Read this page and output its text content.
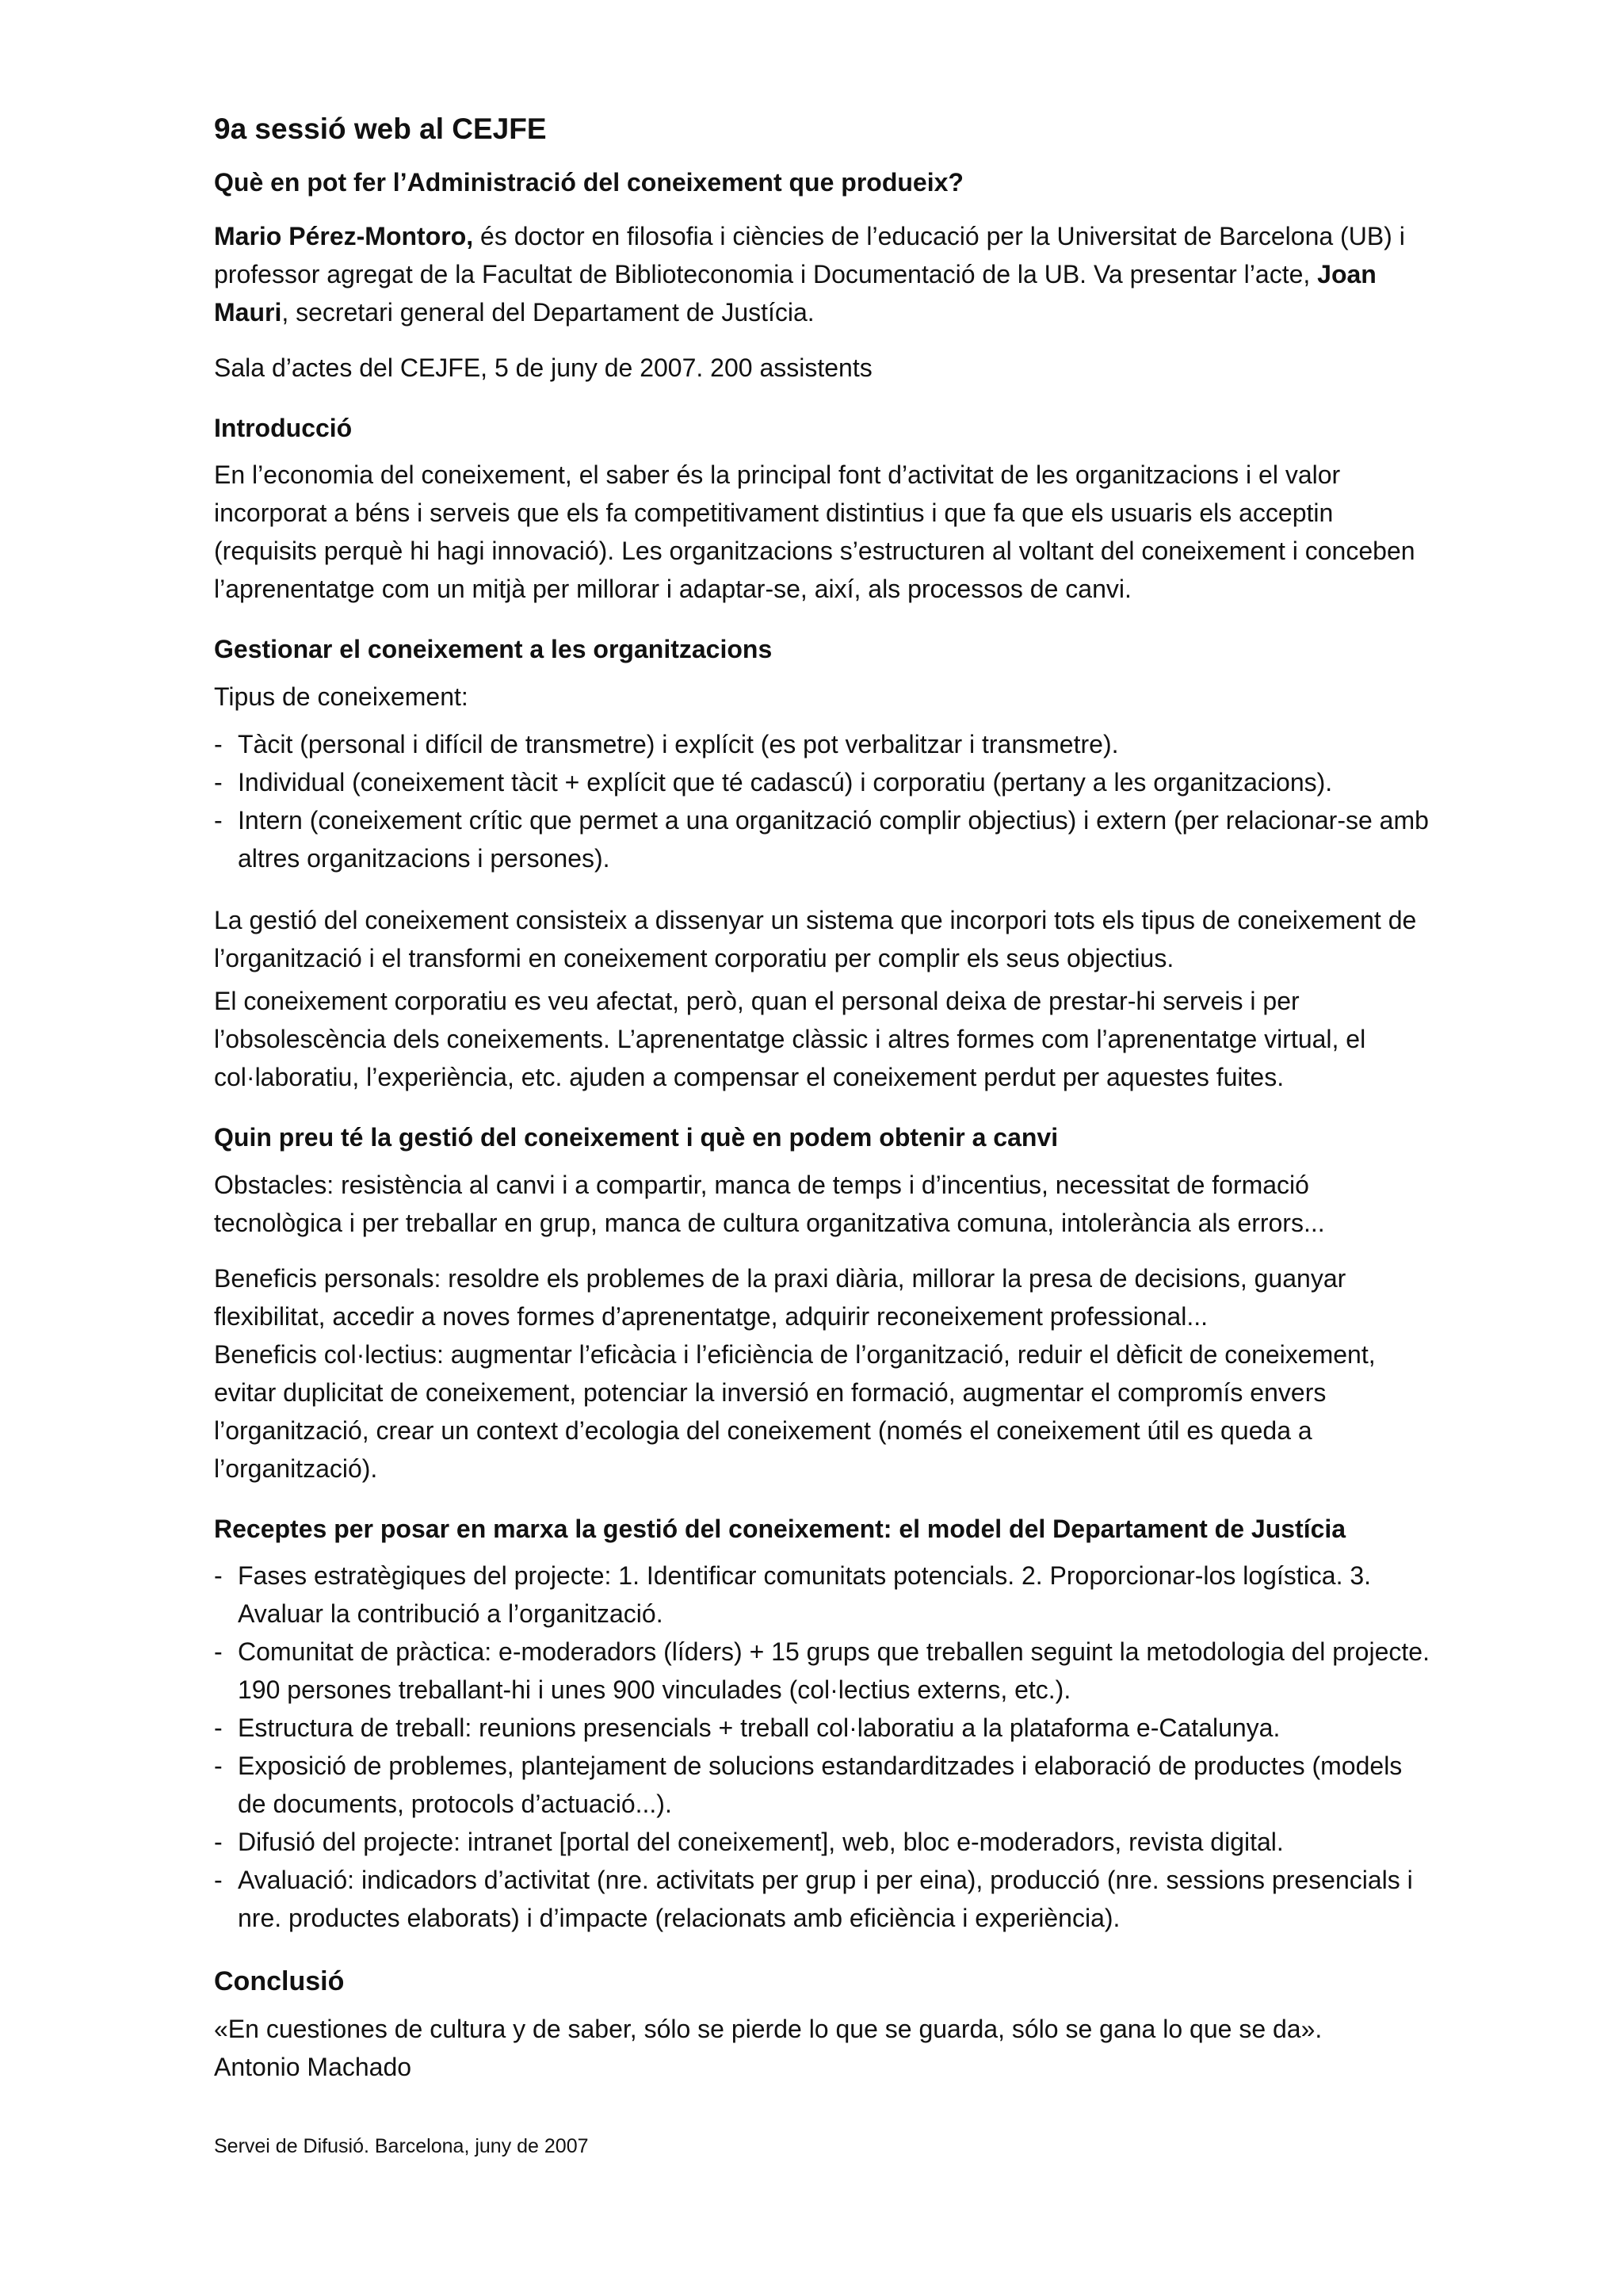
9a sessió web al CEJFE
Què en pot fer l’Administració del coneixement que produeix?

Mario Pérez-Montoro, és doctor en filosofia i ciències de l’educació per la Universitat de Barcelona (UB) i professor agregat de la Facultat de Biblioteconomia i Documentació de la UB. Va presentar l’acte, Joan Mauri, secretari general del Departament de Justícia.

Sala d’actes del CEJFE, 5 de juny de 2007. 200 assistents

Introducció

En l’economia del coneixement, el saber és la principal font d’activitat de les organitzacions i el valor incorporat a béns i serveis que els fa competitivament distintius i que fa que els usuaris els acceptin (requisits perquè hi hagi innovació). Les organitzacions s’estructuren al voltant del coneixement i conceben l’aprenentatge com un mitjà per millorar i adaptar-se, així, als processos de canvi.

Gestionar el coneixement a les organitzacions

Tipus de coneixement:

- Tàcit (personal i difícil de transmetre) i explícit (es pot verbalitzar i transmetre).
- Individual (coneixement tàcit + explícit que té cadascú) i corporatiu (pertany a les organitzacions).
- Intern (coneixement crític que permet a una organització complir objectius) i extern (per relacionar-se amb altres organitzacions i persones).

La gestió del coneixement consisteix a dissenyar un sistema que incorpori tots els tipus de coneixement de l’organització i el transformi en coneixement corporatiu per complir els seus objectius.

El coneixement corporatiu es veu afectat, però, quan el personal deixa de prestar-hi serveis i per l’obsolescència dels coneixements. L’aprenentatge clàssic i altres formes com l’aprenentatge virtual, el col·laboratiu, l’experiència, etc. ajuden a compensar el coneixement perdut per aquestes fuites.

Quin preu té la gestió del coneixement i què en podem obtenir a canvi

Obstacles: resistència al canvi i a compartir, manca de temps i d’incentius, necessitat de formació tecnològica i per treballar en grup, manca de cultura organitzativa comuna, intolerància als errors...

Beneficis personals: resoldre els problemes de la praxi diària, millorar la presa de decisions, guanyar flexibilitat, accedir a noves formes d’aprenentatge, adquirir reconeixement professional...

Beneficis col·lectius: augmentar l’eficàcia i l’eficiència de l’organització, reduir el dèficit de coneixement, evitar duplicitat de coneixement, potenciar la inversió en formació, augmentar el compromís envers l’organització, crear un context d’ecologia del coneixement (només el coneixement útil es queda a l’organització).

Receptes per posar en marxa la gestió del coneixement: el model del Departament de Justícia
- Fases estratègiques del projecte: 1. Identificar comunitats potencials. 2. Proporcionar-los logística. 3. Avaluar la contribució a l’organització.
- Comunitat de pràctica: e-moderadors (líders) + 15 grups que treballen seguint la metodologia del projecte. 190 persones treballant-hi i unes 900 vinculades (col·lectius externs, etc.).
- Estructura de treball: reunions presencials + treball col·laboratiu a la plataforma e-Catalunya.
- Exposició de problemes, plantejament de solucions estandarditzades i elaboració de productes (models de documents, protocols d’actuació...).
- Difusió del projecte: intranet [portal del coneixement], web, bloc e-moderadors, revista digital.
- Avaluació: indicadors d’activitat (nre. activitats per grup i per eina), producció (nre. sessions presencials i nre. productes elaborats) i d’impacte (relacionats amb eficiència i experiència).
Conclusió

«En cuestiones de cultura y de saber, sólo se pierde lo que se guarda, sólo se gana lo que se da».

Antonio Machado

Servei de Difusió. Barcelona, juny de 2007
